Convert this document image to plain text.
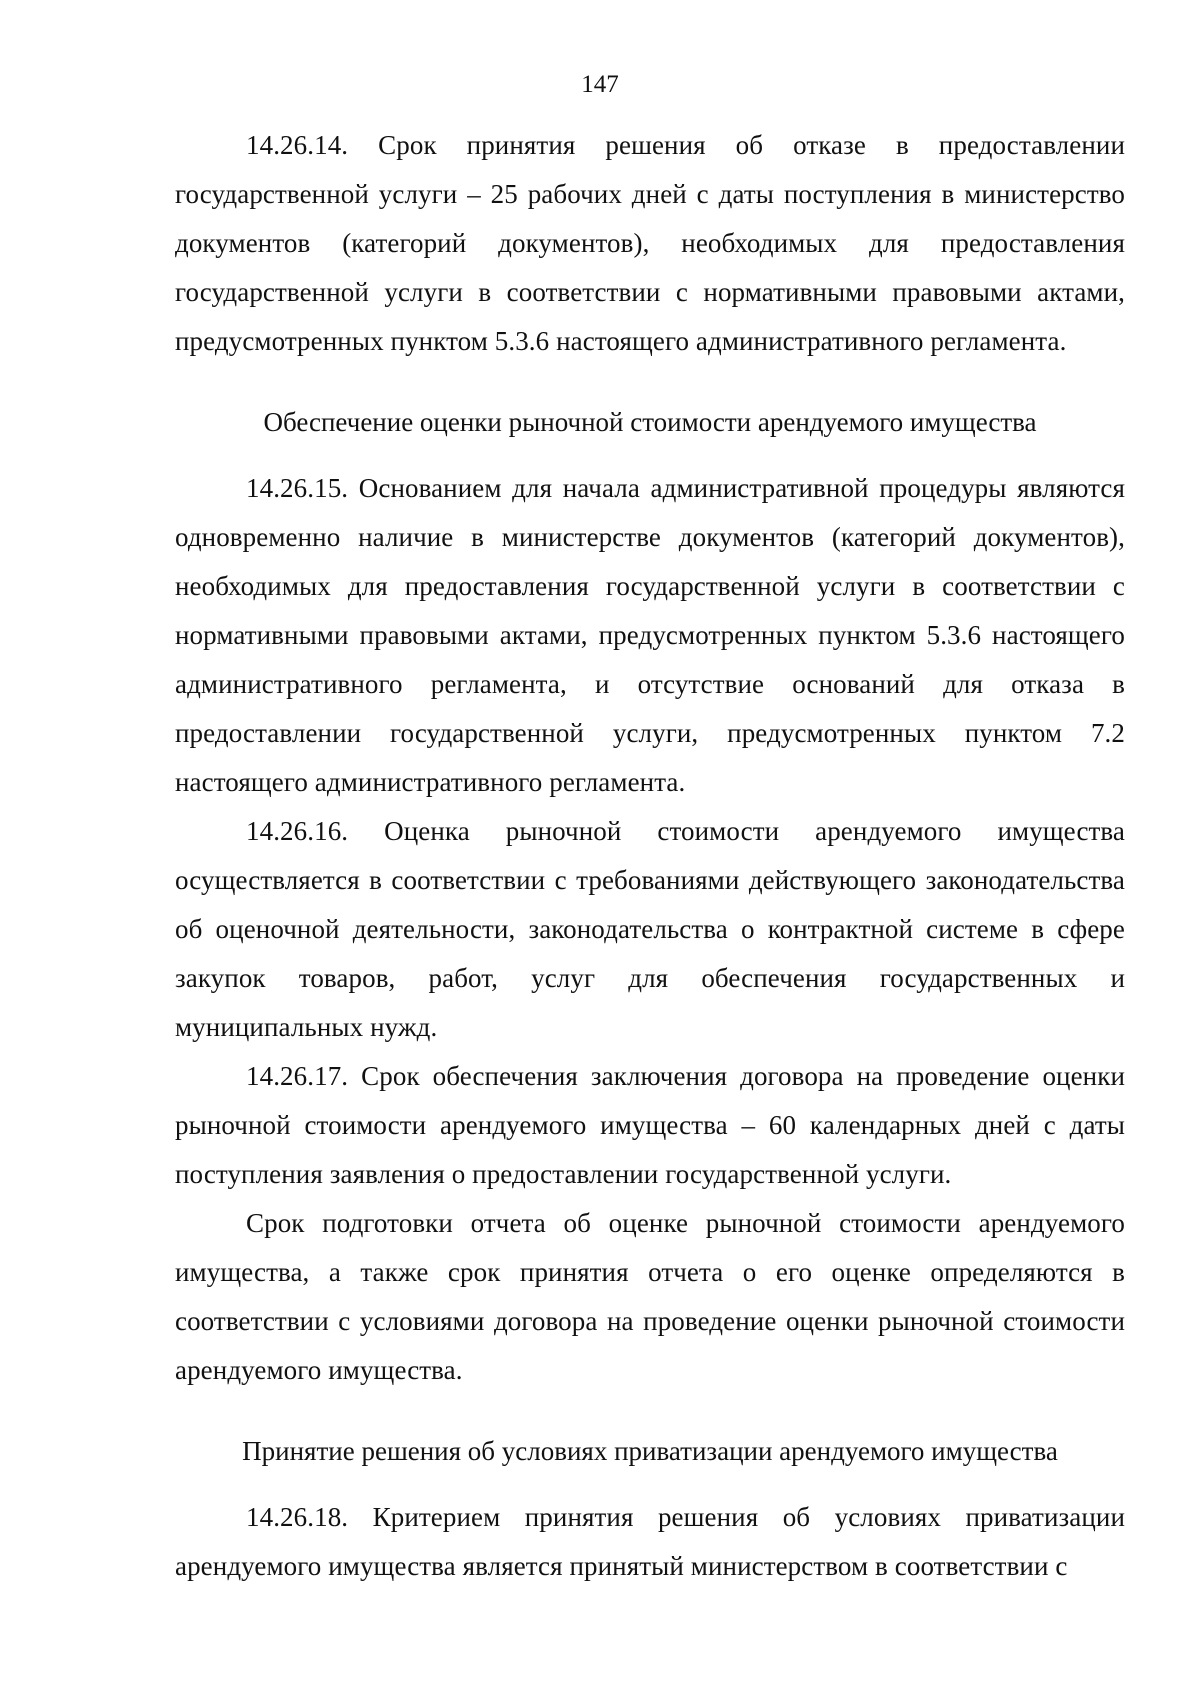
147

14.26.14. Срок принятия решения об отказе в предоставлении государственной услуги – 25 рабочих дней с даты поступления в министерство документов (категорий документов), необходимых для предоставления государственной услуги в соответствии с нормативными правовыми актами, предусмотренных пунктом 5.3.6 настоящего административного регламента.

Обеспечение оценки рыночной стоимости арендуемого имущества

14.26.15. Основанием для начала административной процедуры являются одновременно наличие в министерстве документов (категорий документов), необходимых для предоставления государственной услуги в соответствии с нормативными правовыми актами, предусмотренных пунктом 5.3.6 настоящего административного регламента, и отсутствие оснований для отказа в предоставлении государственной услуги, предусмотренных пунктом 7.2 настоящего административного регламента.

14.26.16. Оценка рыночной стоимости арендуемого имущества осуществляется в соответствии с требованиями действующего законодательства об оценочной деятельности, законодательства о контрактной системе в сфере закупок товаров, работ, услуг для обеспечения государственных и муниципальных нужд.

14.26.17. Срок обеспечения заключения договора на проведение оценки рыночной стоимости арендуемого имущества – 60 календарных дней с даты поступления заявления о предоставлении государственной услуги.

Срок подготовки отчета об оценке рыночной стоимости арендуемого имущества, а также срок принятия отчета о его оценке определяются в соответствии с условиями договора на проведение оценки рыночной стоимости арендуемого имущества.

Принятие решения об условиях приватизации арендуемого имущества

14.26.18. Критерием принятия решения об условиях приватизации арендуемого имущества является принятый министерством в соответствии с
